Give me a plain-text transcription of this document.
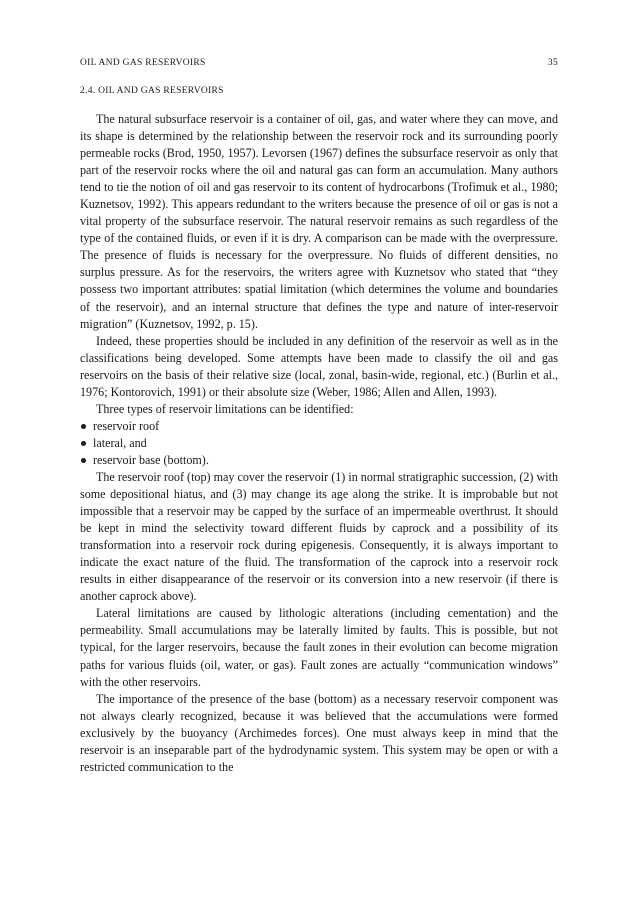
OIL AND GAS RESERVOIRS	35
2.4. OIL AND GAS RESERVOIRS

The natural subsurface reservoir is a container of oil, gas, and water where they can move, and its shape is determined by the relationship between the reservoir rock and its surrounding poorly permeable rocks (Brod, 1950, 1957). Levorsen (1967) defines the subsurface reservoir as only that part of the reservoir rocks where the oil and natural gas can form an accumulation. Many authors tend to tie the notion of oil and gas reservoir to its content of hydrocarbons (Trofimuk et al., 1980; Kuznetsov, 1992). This appears redundant to the writers because the presence of oil or gas is not a vital property of the subsurface reservoir. The natural reservoir remains as such regardless of the type of the contained fluids, or even if it is dry. A comparison can be made with the overpressure. The presence of fluids is necessary for the overpressure. No fluids of different densities, no surplus pressure. As for the reservoirs, the writers agree with Kuznetsov who stated that “they possess two important attributes: spatial limitation (which determines the volume and boundaries of the reservoir), and an internal structure that defines the type and nature of inter-reservoir migration” (Kuznetsov, 1992, p. 15).

Indeed, these properties should be included in any definition of the reservoir as well as in the classifications being developed. Some attempts have been made to classify the oil and gas reservoirs on the basis of their relative size (local, zonal, basin-wide, regional, etc.) (Burlin et al., 1976; Kontorovich, 1991) or their absolute size (Weber, 1986; Allen and Allen, 1993).

Three types of reservoir limitations can be identified:

reservoir roof
lateral, and
reservoir base (bottom).

The reservoir roof (top) may cover the reservoir (1) in normal stratigraphic succession, (2) with some depositional hiatus, and (3) may change its age along the strike. It is improbable but not impossible that a reservoir may be capped by the surface of an impermeable overthrust. It should be kept in mind the selectivity toward different fluids by caprock and a possibility of its transformation into a reservoir rock during epigenesis. Consequently, it is always important to indicate the exact nature of the fluid. The transformation of the caprock into a reservoir rock results in either disappearance of the reservoir or its conversion into a new reservoir (if there is another caprock above).

Lateral limitations are caused by lithologic alterations (including cementation) and the permeability. Small accumulations may be laterally limited by faults. This is possible, but not typical, for the larger reservoirs, because the fault zones in their evolution can become migration paths for various fluids (oil, water, or gas). Fault zones are actually “communication windows” with the other reservoirs.

The importance of the presence of the base (bottom) as a necessary reservoir component was not always clearly recognized, because it was believed that the accumulations were formed exclusively by the buoyancy (Archimedes forces). One must always keep in mind that the reservoir is an inseparable part of the hydrodynamic system. This system may be open or with a restricted communication to the
